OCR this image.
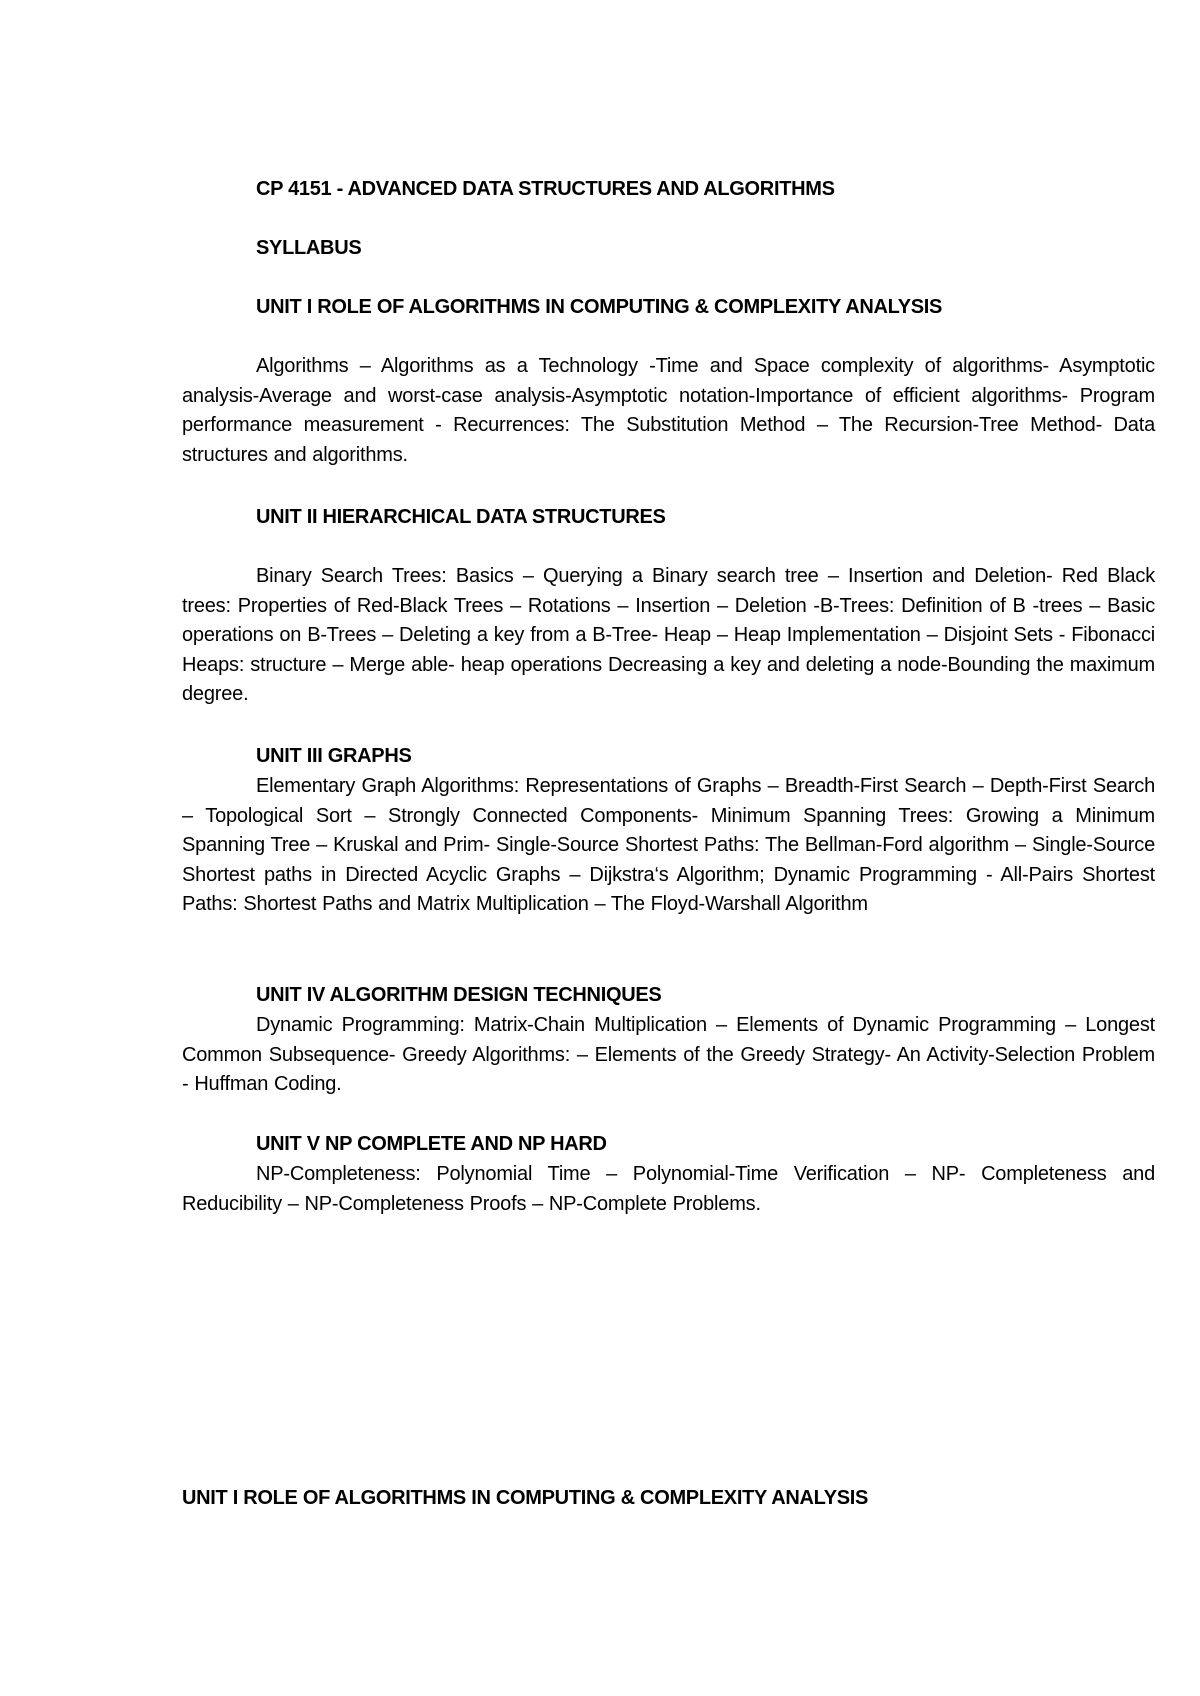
CP 4151 - ADVANCED DATA STRUCTURES AND ALGORITHMS
SYLLABUS
UNIT I ROLE OF ALGORITHMS IN COMPUTING & COMPLEXITY ANALYSIS
Algorithms – Algorithms as a Technology -Time and Space complexity of algorithms- Asymptotic analysis-Average and worst-case analysis-Asymptotic notation-Importance of efficient algorithms- Program performance measurement - Recurrences: The Substitution Method – The Recursion-Tree Method- Data structures and algorithms.
UNIT II HIERARCHICAL DATA STRUCTURES
Binary Search Trees: Basics – Querying a Binary search tree – Insertion and Deletion- Red Black trees: Properties of Red-Black Trees – Rotations – Insertion – Deletion -B-Trees: Definition of B -trees – Basic operations on B-Trees – Deleting a key from a B-Tree- Heap – Heap Implementation – Disjoint Sets - Fibonacci Heaps: structure – Merge able- heap operations Decreasing a key and deleting a node-Bounding the maximum degree.
UNIT III GRAPHS
Elementary Graph Algorithms: Representations of Graphs – Breadth-First Search – Depth-First Search – Topological Sort – Strongly Connected Components- Minimum Spanning Trees: Growing a Minimum Spanning Tree – Kruskal and Prim- Single-Source Shortest Paths: The Bellman-Ford algorithm – Single-Source Shortest paths in Directed Acyclic Graphs – Dijkstra‘s Algorithm; Dynamic Programming - All-Pairs Shortest Paths: Shortest Paths and Matrix Multiplication – The Floyd-Warshall Algorithm
UNIT IV ALGORITHM DESIGN TECHNIQUES
Dynamic Programming: Matrix-Chain Multiplication – Elements of Dynamic Programming – Longest Common Subsequence- Greedy Algorithms: – Elements of the Greedy Strategy- An Activity-Selection Problem - Huffman Coding.
UNIT V NP COMPLETE AND NP HARD
NP-Completeness: Polynomial Time – Polynomial-Time Verification – NP- Completeness and Reducibility – NP-Completeness Proofs – NP-Complete Problems.
UNIT I ROLE OF ALGORITHMS IN COMPUTING & COMPLEXITY ANALYSIS
